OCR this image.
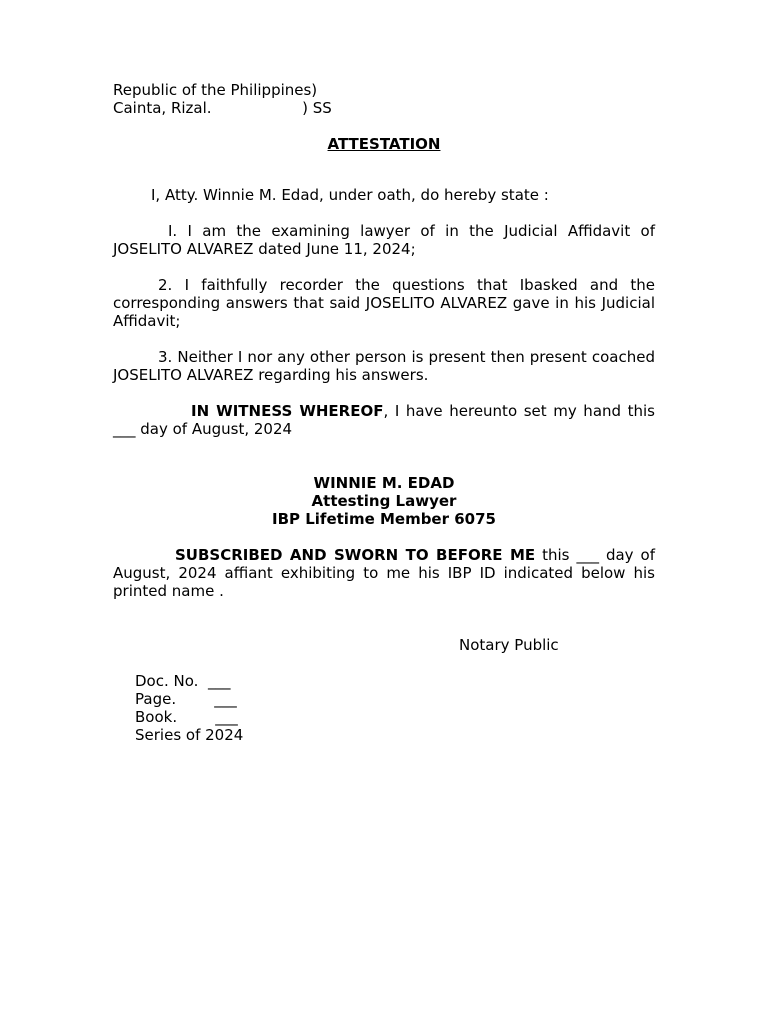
Republic of the Philippines)

Cainta, Rizal.                   ) SS

ATTESTATION

I, Atty. Winnie M. Edad, under oath, do hereby state :

I. I am the examining lawyer of in the Judicial Affidavit of JOSELITO ALVAREZ dated June 11, 2024;

2. I faithfully recorder the questions that Ibasked and the corresponding answers that said JOSELITO ALVAREZ gave in his Judicial Affidavit;

3. Neither I nor any other person is present then present coached JOSELITO ALVAREZ regarding his answers.

IN WITNESS WHEREOF, I have hereunto set my hand this ___ day of August, 2024

WINNIE M. EDAD

Attesting Lawyer

IBP Lifetime Member 6075

SUBSCRIBED AND SWORN TO BEFORE ME this ___ day of August, 2024 affiant exhibiting to me his IBP ID indicated below his printed name .

Notary Public

Doc. No.  ___
Page.        ___
Book.        ___
Series of 2024
